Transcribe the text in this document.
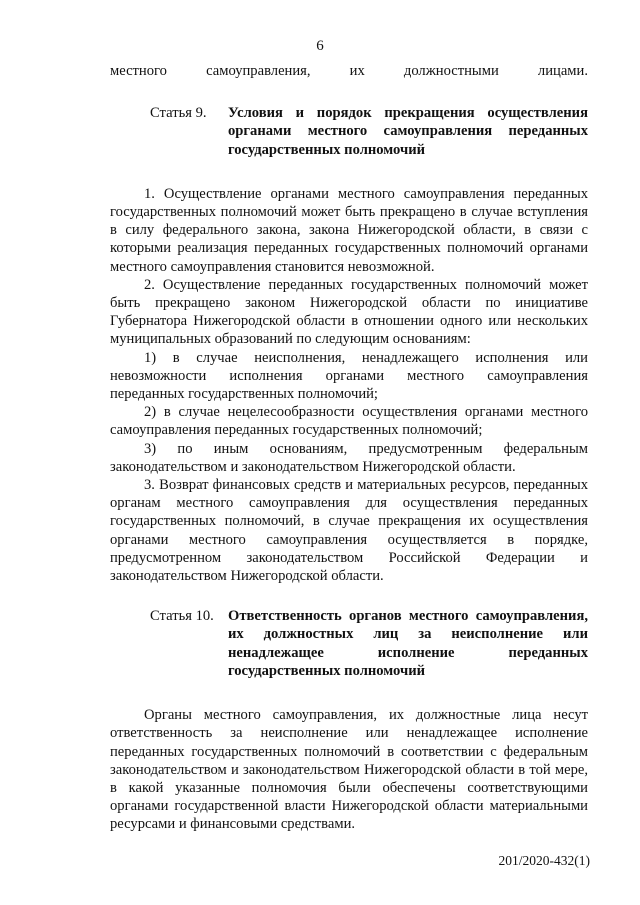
6

местного самоуправления, их должностными лицами.

Статья 9.	Условия и порядок прекращения осуществления органами местного самоуправления переданных государственных полномочий

1. Осуществление органами местного самоуправления переданных государственных полномочий может быть прекращено в случае вступления в силу федерального закона, закона Нижегородской области, в связи с которыми реализация переданных государственных полномочий органами местного самоуправления становится невозможной.

2. Осуществление переданных государственных полномочий может быть прекращено законом Нижегородской области по инициативе Губернатора Нижегородской области в отношении одного или нескольких муниципальных образований по следующим основаниям:

1) в случае неисполнения, ненадлежащего исполнения или невозможности исполнения органами местного самоуправления переданных государственных полномочий;

2) в случае нецелесообразности осуществления органами местного самоуправления переданных государственных полномочий;

3) по иным основаниям, предусмотренным федеральным законодательством и законодательством Нижегородской области.

3. Возврат финансовых средств и материальных ресурсов, переданных органам местного самоуправления для осуществления переданных государственных полномочий, в случае прекращения их осуществления органами местного самоуправления осуществляется в порядке, предусмотренном законодательством Российской Федерации и законодательством Нижегородской области.

Статья 10. Ответственность органов местного самоуправления, их должностных лиц за неисполнение или ненадлежащее исполнение переданных государственных полномочий

Органы местного самоуправления, их должностные лица несут ответственность за неисполнение или ненадлежащее исполнение переданных государственных полномочий в соответствии с федеральным законодательством и законодательством Нижегородской области в той мере, в какой указанные полномочия были обеспечены соответствующими органами государственной власти Нижегородской области материальными ресурсами и финансовыми средствами.

201/2020-432(1)
